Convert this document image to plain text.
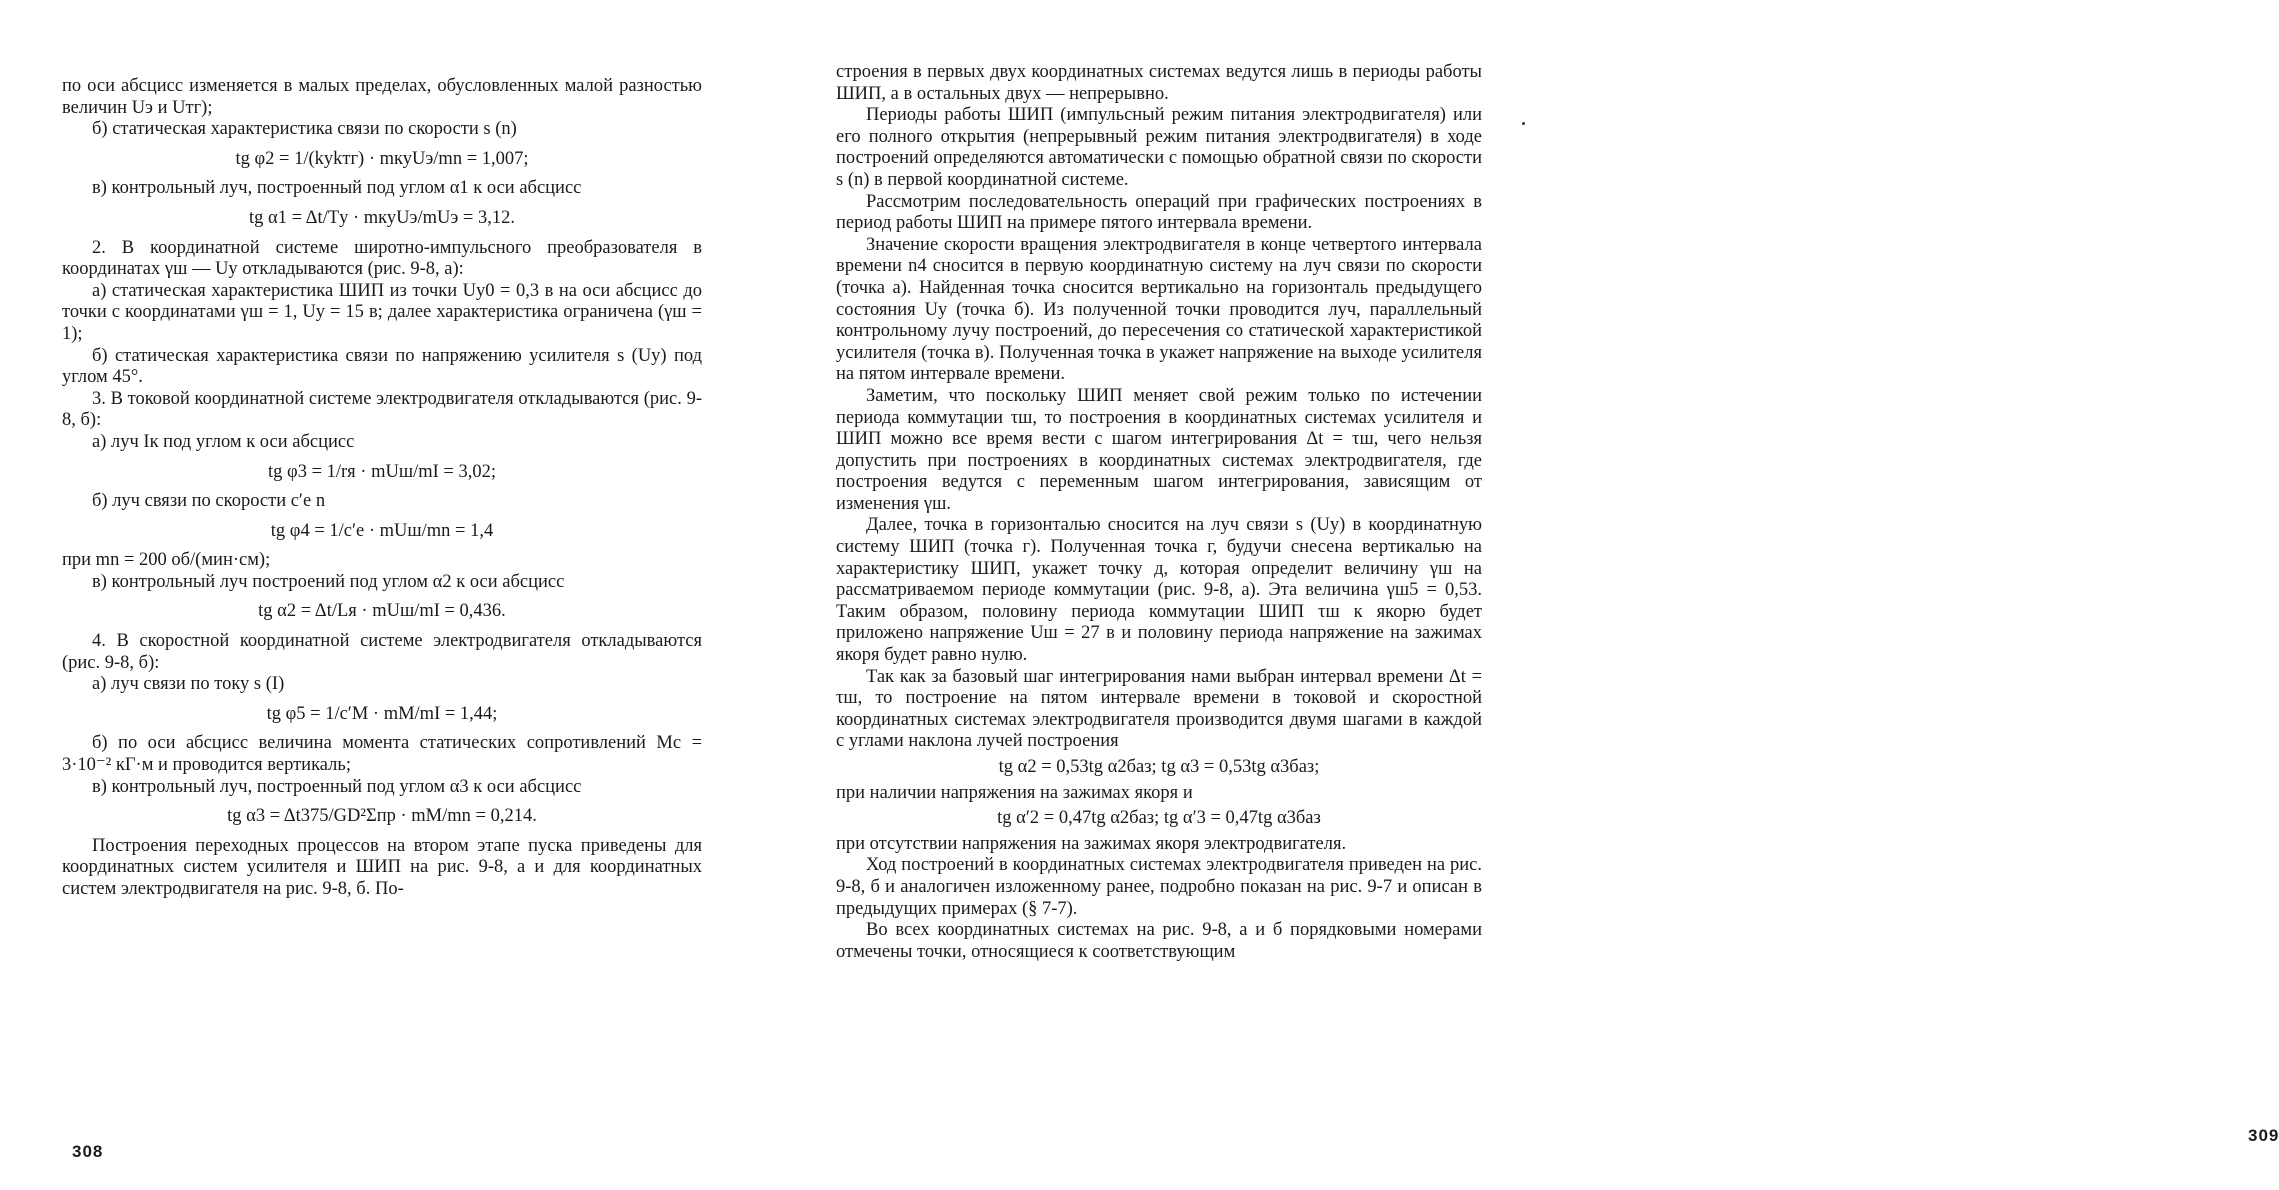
по оси абсцисс изменяется в малых пределах, обусловленных малой разностью величин Uэ и Uтг);

б) статическая характеристика связи по скорости s (n)

tg φ2 = 1/(kуkтг) · mкуUэ/mn = 1,007;

в) контрольный луч, построенный под углом α1 к оси абсцисс

tg α1 = Δt/Tу · mкуUэ/mUэ = 3,12.

2. В координатной системе широтно-импульсного преобразователя в координатах γш — Uу откладываются (рис. 9-8, а):

а) статическая характеристика ШИП из точки Uу0 = 0,3 в на оси абсцисс до точки с координатами γш = 1, Uу = 15 в; далее характеристика ограничена (γш = 1);

б) статическая характеристика связи по напряжению усилителя s (Uу) под углом 45°.

3. В токовой координатной системе электродвигателя откладываются (рис. 9-8, б):

а) луч Iк под углом к оси абсцисс

tg φ3 = 1/rя · mUш/mI = 3,02;

б) луч связи по скорости c′e n

tg φ4 = 1/c′e · mUш/mn = 1,4

при mn = 200 об/(мин·см);

в) контрольный луч построений под углом α2 к оси абсцисс

tg α2 = Δt/Lя · mUш/mI = 0,436.

4. В скоростной координатной системе электродвигателя откладываются (рис. 9-8, б):

а) луч связи по току s (I)

tg φ5 = 1/c′M · mM/mI = 1,44;

б) по оси абсцисс величина момента статических сопротивлений Mс = 3·10⁻² кГ·м и проводится вертикаль;

в) контрольный луч, построенный под углом α3 к оси абсцисс

tg α3 = Δt375/GD²Σпр · mM/mn = 0,214.

Построения переходных процессов на втором этапе пуска приведены для координатных систем усилителя и ШИП на рис. 9-8, а и для координатных систем электродвигателя на рис. 9-8, б. По-

308

строения в первых двух координатных системах ведутся лишь в периоды работы ШИП, а в остальных двух — непрерывно.

Периоды работы ШИП (импульсный режим питания электродвигателя) или его полного открытия (непрерывный режим питания электродвигателя) в ходе построений определяются автоматически с помощью обратной связи по скорости s (n) в первой координатной системе.

Рассмотрим последовательность операций при графических построениях в период работы ШИП на примере пятого интервала времени.

Значение скорости вращения электродвигателя в конце четвертого интервала времени n4 сносится в первую координатную систему на луч связи по скорости (точка а). Найденная точка сносится вертикально на горизонталь предыдущего состояния Uу (точка б). Из полученной точки проводится луч, параллельный контрольному лучу построений, до пересечения со статической характеристикой усилителя (точка в). Полученная точка в укажет напряжение на выходе усилителя на пятом интервале времени.

Заметим, что поскольку ШИП меняет свой режим только по истечении периода коммутации τш, то построения в координатных системах усилителя и ШИП можно все время вести с шагом интегрирования Δt = τш, чего нельзя допустить при построениях в координатных системах электродвигателя, где построения ведутся с переменным шагом интегрирования, зависящим от изменения γш.

Далее, точка в горизонталью сносится на луч связи s (Uу) в координатную систему ШИП (точка г). Полученная точка г, будучи снесена вертикалью на характеристику ШИП, укажет точку д, которая определит величину γш на рассматриваемом периоде коммутации (рис. 9-8, а). Эта величина γш5 = 0,53. Таким образом, половину периода коммутации ШИП τш к якорю будет приложено напряжение Uш = 27 в и половину периода напряжение на зажимах якоря будет равно нулю.

Так как за базовый шаг интегрирования нами выбран интервал времени Δt = τш, то построение на пятом интервале времени в токовой и скоростной координатных системах электродвигателя производится двумя шагами в каждой с углами наклона лучей построения

tg α2 = 0,53tg α2баз; tg α3 = 0,53tg α3баз;

при наличии напряжения на зажимах якоря и

tg α′2 = 0,47tg α2баз; tg α′3 = 0,47tg α3баз

при отсутствии напряжения на зажимах якоря электродвигателя.

Ход построений в координатных системах электродвигателя приведен на рис. 9-8, б и аналогичен изложенному ранее, подробно показан на рис. 9-7 и описан в предыдущих примерах (§ 7-7).

Во всех координатных системах на рис. 9-8, а и б порядковыми номерами отмечены точки, относящиеся к соответствующим

309
